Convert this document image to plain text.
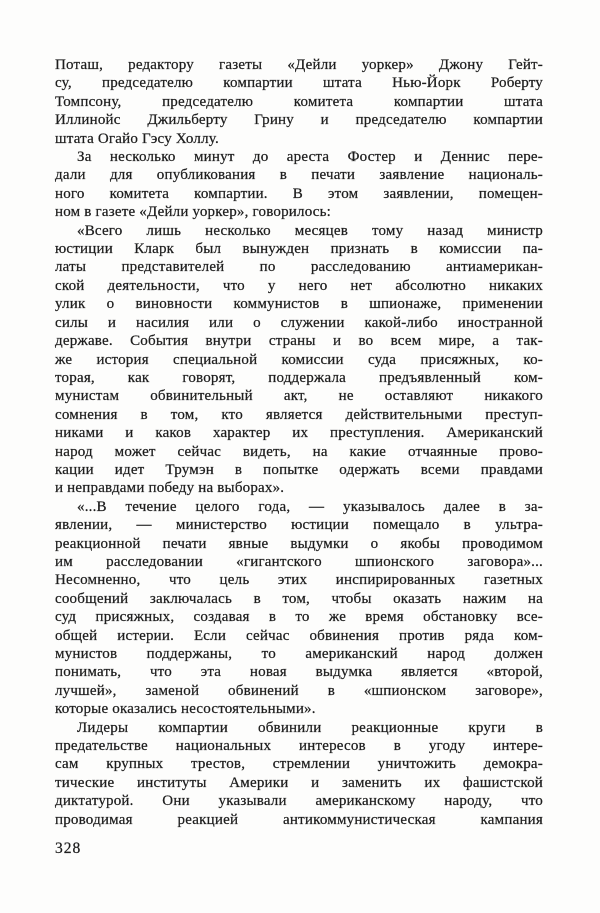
Поташ, редактору газеты «Дейли уоркер» Джону Гейт-
су, председателю компартии штата Нью-Йорк Роберту
Томпсону, председателю комитета компартии штата
Иллинойс Джильберту Грину и председателю компартии
штата Огайо Гэсу Холлу.
За несколько минут до ареста Фостер и Деннис пере-
дали для опубликования в печати заявление националь-
ного комитета компартии. В этом заявлении, помещен-
ном в газете «Дейли уоркер», говорилось:
«Всего лишь несколько месяцев тому назад министр
юстиции Кларк был вынужден признать в комиссии па-
латы представителей по расследованию антиамерикан-
ской деятельности, что у него нет абсолютно никаких
улик о виновности коммунистов в шпионаже, применении
силы и насилия или о служении какой-либо иностранной
державе. События внутри страны и во всем мире, а так-
же история специальной комиссии суда присяжных, ко-
торая, как говорят, поддержала предъявленный ком-
мунистам обвинительный акт, не оставляют никакого
сомнения в том, кто является действительными преступ-
никами и каков характер их преступления. Американский
народ может сейчас видеть, на какие отчаянные прово-
кации идет Трумэн в попытке одержать всеми правдами
и неправдами победу на выборах».
«...В течение целого года, — указывалось далее в за-
явлении, — министерство юстиции помещало в ультра-
реакционной печати явные выдумки о якобы проводимом
им расследовании «гигантского шпионского заговора»...
Несомненно, что цель этих инспирированных газетных
сообщений заключалась в том, чтобы оказать нажим на
суд присяжных, создавая в то же время обстановку все-
общей истерии. Если сейчас обвинения против ряда ком-
мунистов поддержаны, то американский народ должен
понимать, что эта новая выдумка является «второй,
лучшей», заменой обвинений в «шпионском заговоре»,
которые оказались несостоятельными».
Лидеры компартии обвинили реакционные круги в
предательстве национальных интересов в угоду интере-
сам крупных трестов, стремлении уничтожить демокра-
тические институты Америки и заменить их фашистской
диктатурой. Они указывали американскому народу, что
проводимая реакцией антикоммунистическая кампания
328
